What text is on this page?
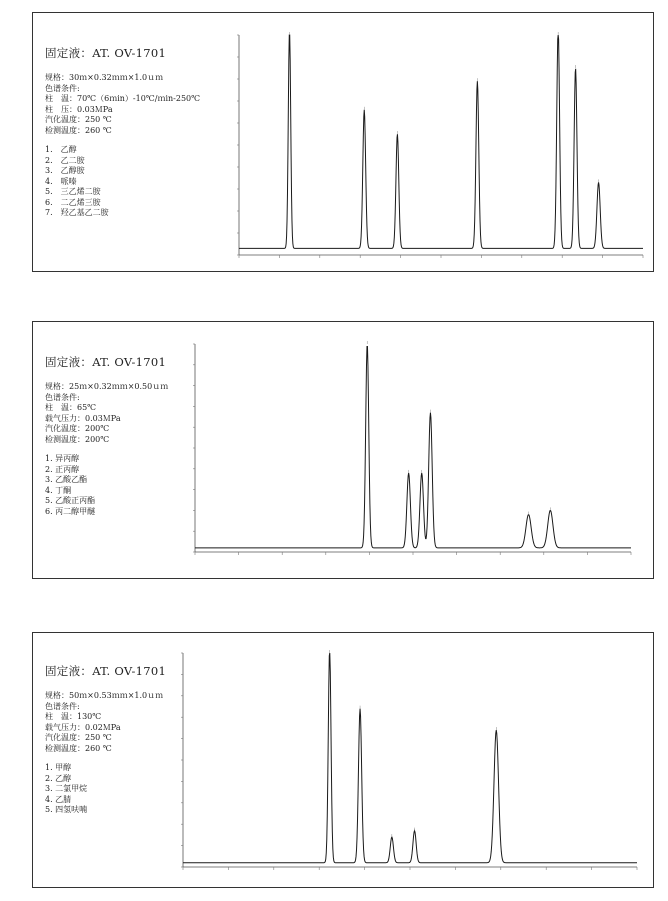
固定液：AT. OV-1701

规格：30ｍ×0.32ｍｍ×1.0ｕｍ

色谱条件:

柱　温：70℃（6ｍin）-10℃/ｍin-250℃

柱　压：0.03ＭPa

汽化温度：250 ℃

检测温度：260 ℃

1.　乙醇

2.　乙二胺

3.　乙醇胺

4.　哌嗪

5.　三乙烯二胺

6.　二乙烯三胺

7.　羟乙基乙二胺

固定液：AT. OV-1701

规格：25ｍ×0.32ｍｍ×0.50ｕｍ

色谱条件:

柱　温：65℃

载气压力：0.03ＭPa

汽化温度：200℃

检测温度：200℃

1. 异丙醇

2. 正丙醇

3. 乙酸乙酯

4. 丁酮

5. 乙酸正丙酯

6. 丙二醇甲醚

固定液：AT. OV-1701

规格：50ｍ×0.53ｍｍ×1.0ｕｍ

色谱条件:

柱　温：130℃

载气压力：0.02ＭPa

汽化温度：250 ℃

检测温度：260 ℃

1. 甲醇

2. 乙醇

3. 二氯甲烷

4. 乙腈

5. 四氢呋喃
